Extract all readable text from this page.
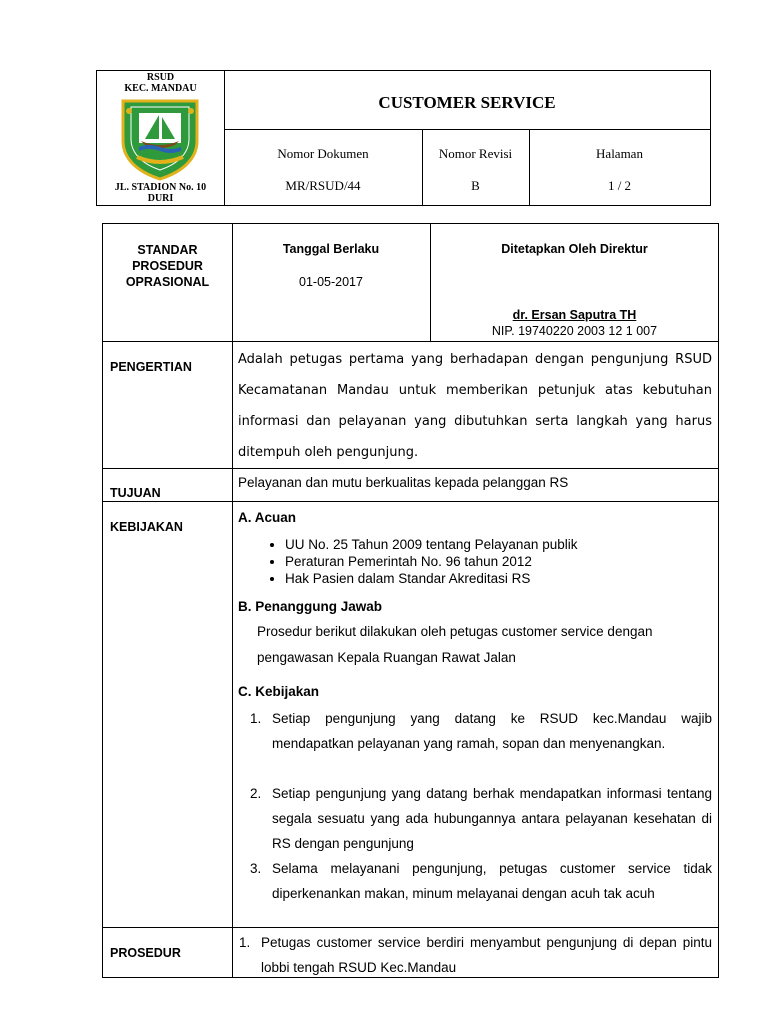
RSUD
KEC. MANDAU
JL. STADION No. 10
DURI
CUSTOMER SERVICE
Nomor Dokumen
MR/RSUD/44
Nomor Revisi
B
Halaman
1 / 2
STANDAR
PROSEDUR
OPRASIONAL
Tanggal Berlaku
01-05-2017
Ditetapkan Oleh Direktur
dr. Ersan Saputra TH
NIP. 19740220 2003 12 1 007
PENGERTIAN	Adalah petugas pertama yang berhadapan dengan pengunjung RSUD Kecamatanan Mandau untuk memberikan petunjuk atas kebutuhan informasi dan pelayanan yang dibutuhkan serta langkah yang harus ditempuh oleh pengunjung.
TUJUAN
Pelayanan dan mutu berkualitas kepada pelanggan RS
KEBIJAKAN
A. Acuan
• UU No. 25 Tahun 2009 tentang Pelayanan publik
• Peraturan Pemerintah No. 96 tahun 2012
• Hak Pasien dalam Standar Akreditasi RS
B. Penanggung Jawab
Prosedur berikut dilakukan oleh petugas customer service dengan pengawasan Kepala Ruangan Rawat Jalan
C. Kebijakan
1. Setiap pengunjung yang datang ke RSUD kec.Mandau wajib mendapatkan pelayanan yang ramah, sopan dan menyenangkan.
2. Setiap pengunjung yang datang berhak mendapatkan informasi tentang segala sesuatu yang ada hubungannya antara pelayanan kesehatan di RS dengan pengunjung
3. Selama melayanani pengunjung, petugas customer service tidak diperkenankan makan, minum melayanai dengan acuh tak acuh
PROSEDUR
1. Petugas customer service berdiri menyambut pengunjung di depan pintu lobbi tengah RSUD Kec.Mandau
